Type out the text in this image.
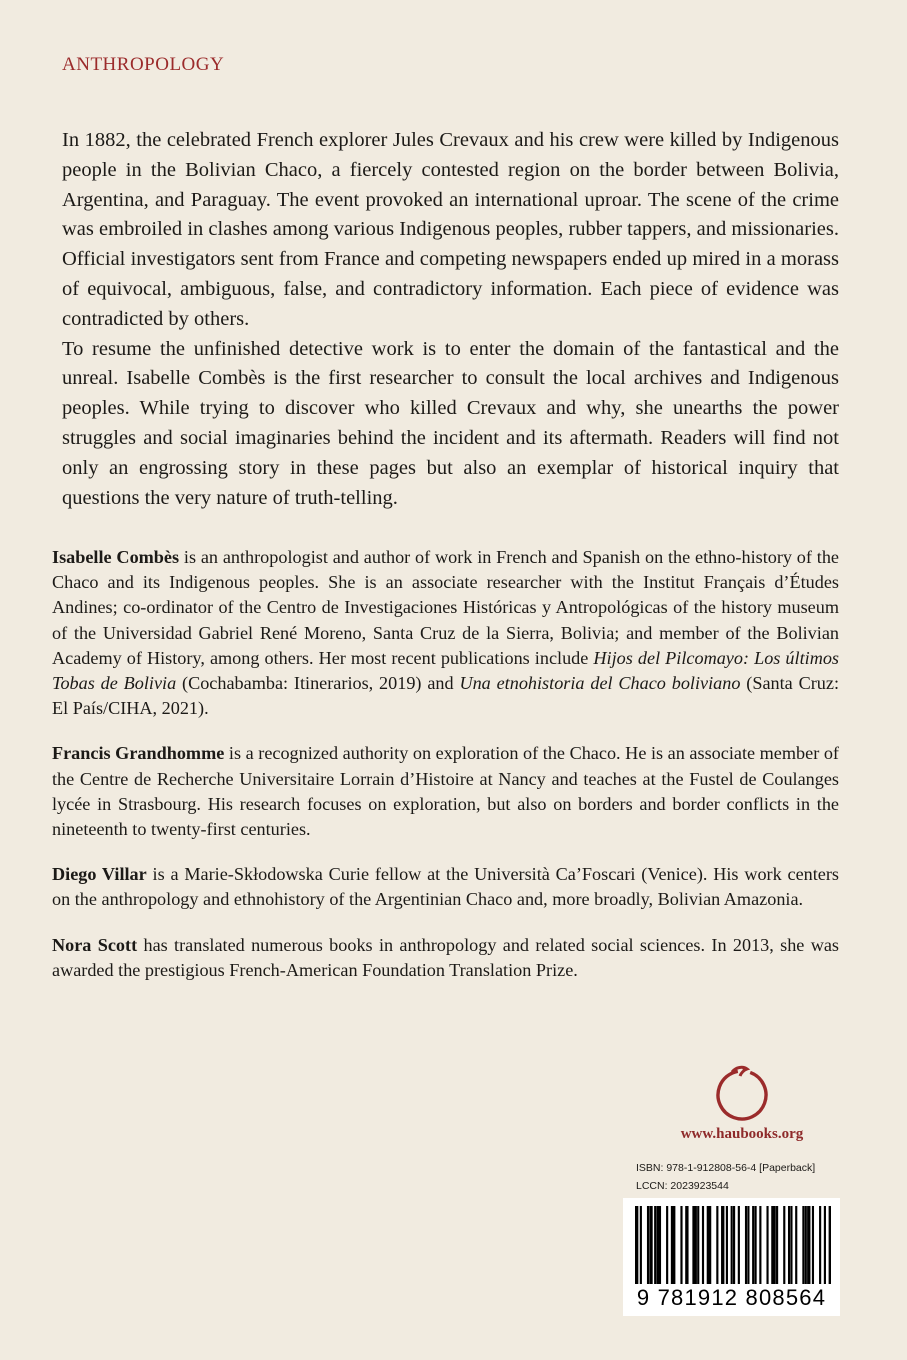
ANTHROPOLOGY

In 1882, the celebrated French explorer Jules Crevaux and his crew were killed by Indigenous people in the Bolivian Chaco, a fiercely contested region on the border between Bolivia, Argentina, and Paraguay. The event provoked an international uproar. The scene of the crime was embroiled in clashes among various Indigenous peoples, rubber tappers, and missionaries. Official investigators sent from France and competing newspapers ended up mired in a morass of equivocal, ambiguous, false, and contradictory information. Each piece of evidence was contradicted by others.

To resume the unfinished detective work is to enter the domain of the fantastical and the unreal. Isabelle Combès is the first researcher to consult the local archives and Indigenous peoples. While trying to discover who killed Crevaux and why, she unearths the power struggles and social imaginaries behind the incident and its aftermath. Readers will find not only an engrossing story in these pages but also an exemplar of historical inquiry that questions the very nature of truth-telling.

Isabelle Combès is an anthropologist and author of work in French and Spanish on the ethno-history of the Chaco and its Indigenous peoples. She is an associate researcher with the Institut Français d’Études Andines; co-ordinator of the Centro de Investigaciones Históricas y Antropológicas of the history museum of the Universidad Gabriel René Moreno, Santa Cruz de la Sierra, Bolivia; and member of the Bolivian Academy of History, among others. Her most recent publications include Hijos del Pilcomayo: Los últimos Tobas de Bolivia (Cochabamba: Itinerarios, 2019) and Una etnohistoria del Chaco boliviano (Santa Cruz: El País/CIHA, 2021).

Francis Grandhomme is a recognized authority on exploration of the Chaco. He is an associate member of the Centre de Recherche Universitaire Lorrain d’Histoire at Nancy and teaches at the Fustel de Coulanges lycée in Strasbourg. His research focuses on exploration, but also on borders and border conflicts in the nineteenth to twenty-first centuries.

Diego Villar is a Marie-Skłodowska Curie fellow at the Università Ca’Foscari (Venice). His work centers on the anthropology and ethnohistory of the Argentinian Chaco and, more broadly, Bolivian Amazonia.

Nora Scott has translated numerous books in anthropology and related social sciences. In 2013, she was awarded the prestigious French-American Foundation Translation Prize.

www.haubooks.org
ISBN: 978-1-912808-56-4 [Paperback]
LCCN: 2023923544
9 781912 808564
